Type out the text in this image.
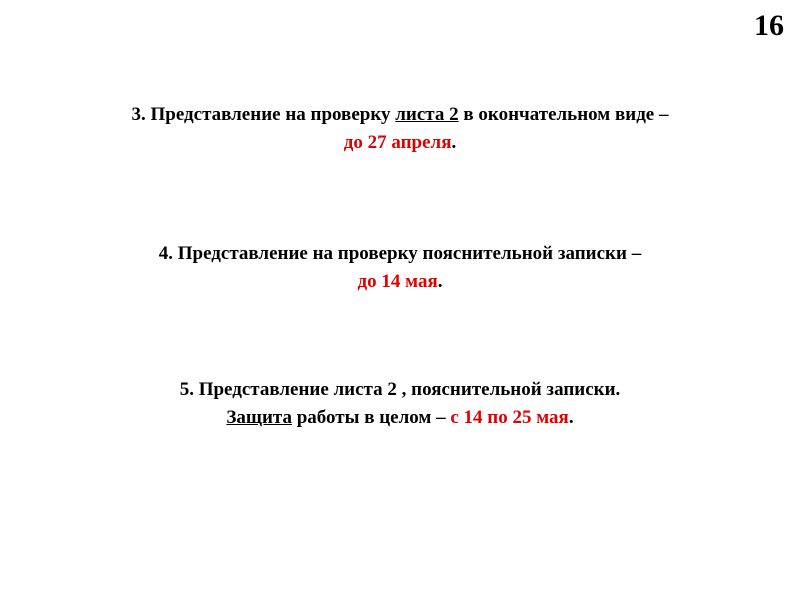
16
3. Представление на проверку листа 2 в окончательном виде –
до 27 апреля.
4. Представление на проверку пояснительной записки –
до 14 мая.
5. Представление листа 2 , пояснительной записки.
Защита работы в целом – с 14 по 25 мая.
